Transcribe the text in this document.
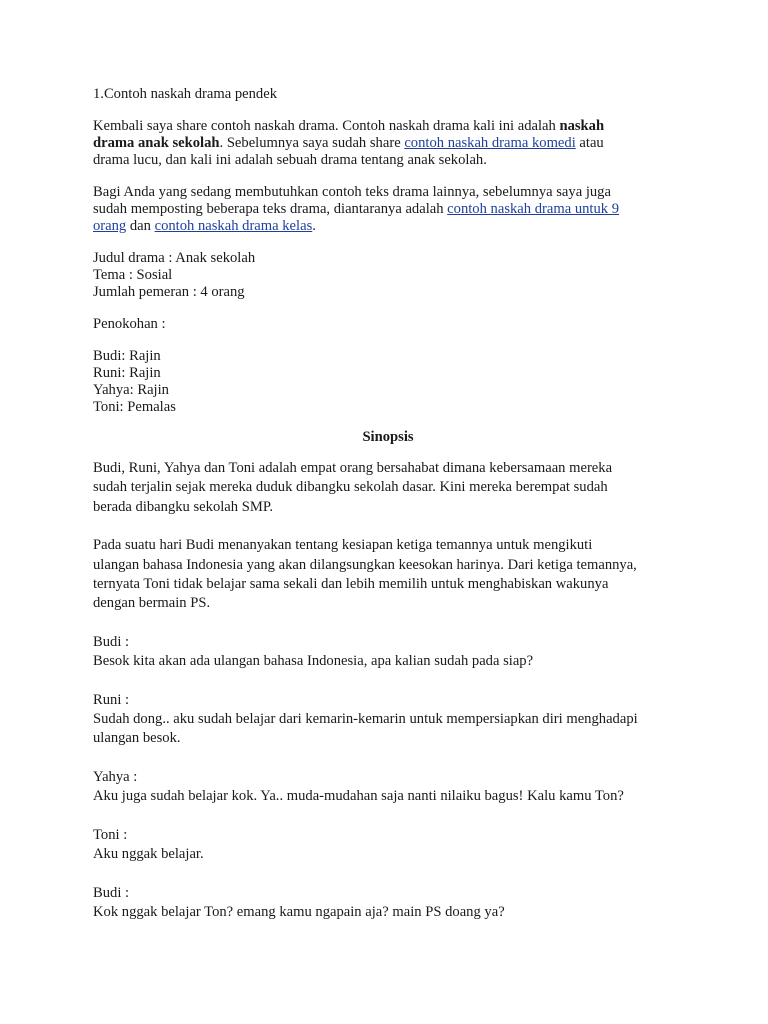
1.Contoh naskah drama pendek
Kembali saya share contoh naskah drama. Contoh naskah drama kali ini adalah naskah
drama anak sekolah. Sebelumnya saya sudah share contoh naskah drama komedi atau
drama lucu, dan kali ini adalah sebuah drama tentang anak sekolah.
Bagi Anda yang sedang membutuhkan contoh teks drama lainnya, sebelumnya saya juga
sudah memposting beberapa teks drama, diantaranya adalah contoh naskah drama untuk 9
orang dan contoh naskah drama kelas.
Judul drama : Anak sekolah
Tema : Sosial
Jumlah pemeran : 4 orang
Penokohan :
Budi: Rajin
Runi: Rajin
Yahya: Rajin
Toni: Pemalas
Sinopsis
Budi, Runi, Yahya dan Toni adalah empat orang bersahabat dimana kebersamaan mereka
sudah terjalin sejak mereka duduk dibangku sekolah dasar. Kini mereka berempat sudah
berada dibangku sekolah SMP.
Pada suatu hari Budi menanyakan tentang kesiapan ketiga temannya untuk mengikuti
ulangan bahasa Indonesia yang akan dilangsungkan keesokan harinya. Dari ketiga temannya,
ternyata Toni tidak belajar sama sekali dan lebih memilih untuk menghabiskan wakunya
dengan bermain PS.
Budi :
Besok kita akan ada ulangan bahasa Indonesia, apa kalian sudah pada siap?
Runi :
Sudah dong.. aku sudah belajar dari kemarin-kemarin untuk mempersiapkan diri menghadapi
ulangan besok.
Yahya :
Aku juga sudah belajar kok. Ya.. muda-mudahan saja nanti nilaiku bagus! Kalu kamu Ton?
Toni :
Aku nggak belajar.
Budi :
Kok nggak belajar Ton? emang kamu ngapain aja? main PS doang ya?
